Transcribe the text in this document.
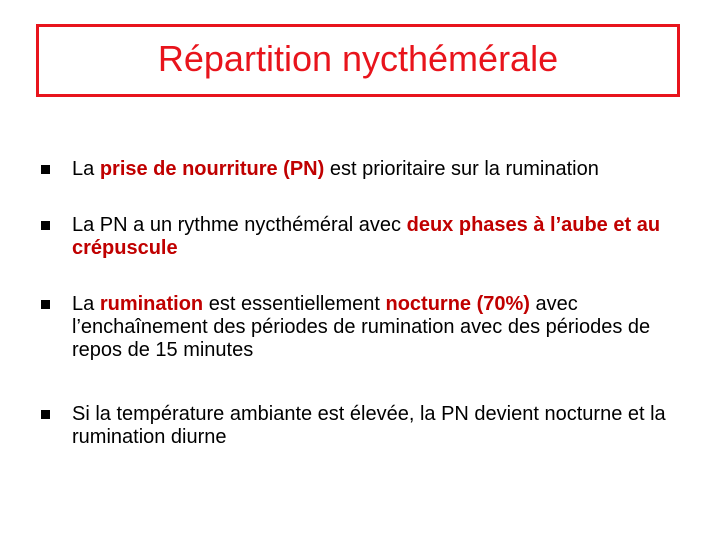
Répartition nycthémérale
La prise de nourriture (PN) est prioritaire sur la rumination
La PN a un rythme nycthéméral avec deux phases à l’aube et au crépuscule
La rumination est essentiellement nocturne (70%) avec l’enchaînement des périodes de rumination avec des périodes de repos de 15 minutes
Si la température ambiante est élevée, la PN devient nocturne et la rumination diurne
